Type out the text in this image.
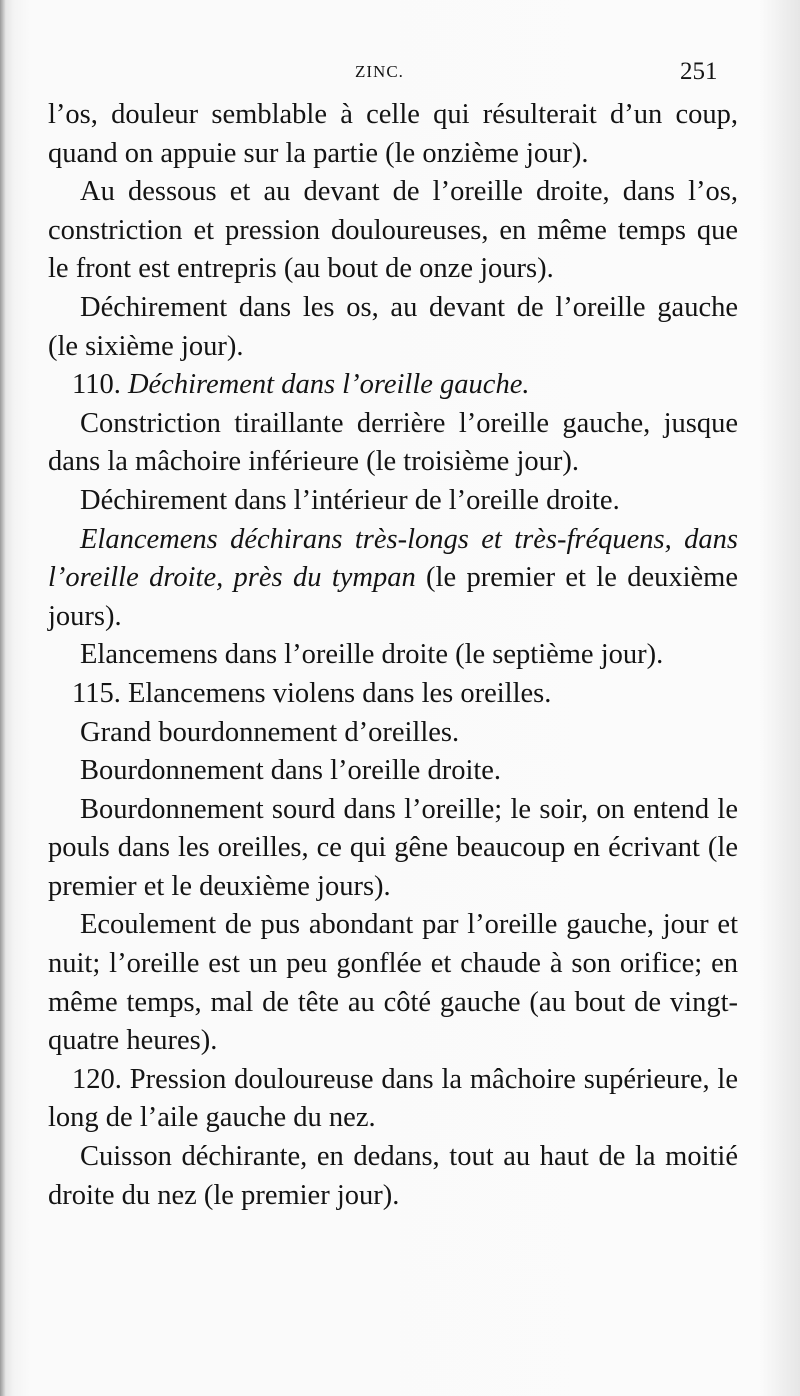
ZINC.	251

l’os, douleur semblable à celle qui résulterait d’un coup, quand on appuie sur la partie (le onzième jour).

Au dessous et au devant de l’oreille droite, dans l’os, constriction et pression douloureuses, en même temps que le front est entrepris (au bout de onze jours).

Déchirement dans les os, au devant de l’oreille gauche (le sixième jour).

110. Déchirement dans l’oreille gauche.

Constriction tiraillante derrière l’oreille gauche, jusque dans la mâchoire inférieure (le troisième jour).

Déchirement dans l’intérieur de l’oreille droite.

Elancemens déchirans très-longs et très-fréquens, dans l’oreille droite, près du tympan (le premier et le deuxième jours).

Elancemens dans l’oreille droite (le septième jour).

115. Elancemens violens dans les oreilles.

Grand bourdonnement d’oreilles.

Bourdonnement dans l’oreille droite.

Bourdonnement sourd dans l’oreille; le soir, on entend le pouls dans les oreilles, ce qui gêne beaucoup en écrivant (le premier et le deuxième jours).

Ecoulement de pus abondant par l’oreille gauche, jour et nuit; l’oreille est un peu gonflée et chaude à son orifice; en même temps, mal de tête au côté gauche (au bout de vingt-quatre heures).

120. Pression douloureuse dans la mâchoire supérieure, le long de l’aile gauche du nez.

Cuisson déchirante, en dedans, tout au haut de la moitié droite du nez (le premier jour).
